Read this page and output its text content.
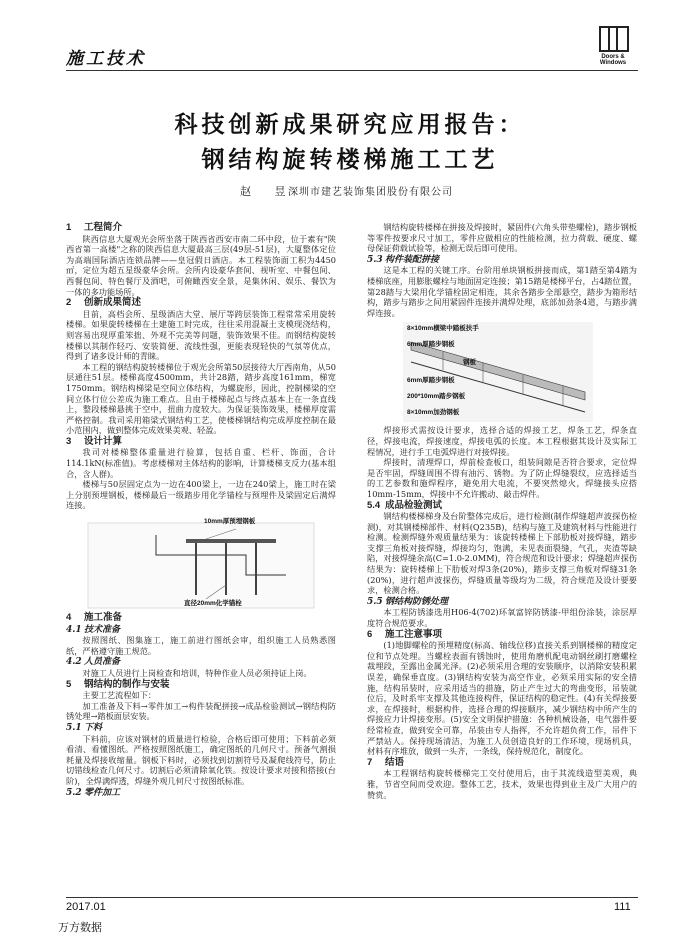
施工技术	Doors & Windows
科技创新成果研究应用报告：
钢结构旋转楼梯施工工艺
赵 昱
深圳市建艺装饰集团股份有限公司
1 工程简介

陕西信息大厦观光会所坐落于陕西省西安市南二环中段，位于素有"陕西省第一高楼"之称的陕西信息大厦最高三层(49层-51层)，大厦整体定位为高端国际酒店连锁品牌——皇冠假日酒店。本工程装饰面工积为4450㎡，定位为超五星级豪华会所。会所内设豪华套间、视听室、中餐包间、西餐包间、特色餐厅及酒吧，可俯瞰西安全景，是集休闲、娱乐、餐饮为一体的多功能场所。

2 创新成果简述

目前，高档会所、星级酒店大堂、展厅等跨层装饰工程常常采用旋转楼梯。如果旋转楼梯在土建施工时完成，往往采用混凝土支模现浇结构，则容易出现厚重笨拙、外观不完美等问题，装饰效果不佳。而钢结构旋转楼梯以其制作轻巧、安装简便、流线性强，更能表现轻快的气氛等优点，得到了诸多设计师的青睐。

本工程的钢结构旋转楼梯位于观光会所第50层接待大厅西南角，从50层通往51层。楼梯高度4500mm，共计28踏，踏步高度161mm，梯宽1750mm。钢结构梯梁是空间立体结构，为螺旋形，因此，控制梯梁的空间立体行位公差成为施工难点。且由于楼梯起点与终点基本上在一条直线上，整段楼梯悬挑于空中，扭曲力度较大。为保证装饰效果，楼梯厚度需严格控制。我司采用箱梁式钢结构工艺，使楼梯钢结构完成厚度控制在最小范围内，做到整体完成效果美观、轻盈。

3 设计计算

我司对楼梯整体重量进行验算，包括自重、栏杆、饰面，合计114.1kN(标准值)。考虑楼梯对主体结构的影响，计算楼梯支反力(基本组合，含人群)。

楼梯与50层固定点为一边在400梁上，一边在240梁上，施工时在梁上分别预埋钢板，楼梯最后一级踏步用化学锚栓与预埋件及梁固定后满焊连接。

10mm厚预埋钢板
直径20mm化学锚栓
4 施工准备
4.1 技术准备

按照图纸、图集施工，施工前进行图纸会审，组织施工人员熟悉图纸，严格遵守施工规范。

4.2 人员准备

对施工人员进行上岗检查和培训，特种作业人员必须持证上岗。

5 钢结构的制作与安装

主要工艺流程如下：

加工准备及下料→零件加工→构件装配拼接→成品检验测试→钢结构防锈处理→踏板面层安装。

5.1 下料

下料前，应该对钢材的质量进行检验，合格后即可使用；下料前必须看清、看懂图纸。严格按照图纸施工，确定图纸的几何尺寸。预备气割损耗量及焊接收缩量。钢板下料时，必须找到切割符号及凝爬线符号，防止切错线检查几何尺寸。切割后必须清除氧化铁。按设计要求对接和搭接(台阶)，全焊满焊透，焊缝外观几何尺寸按图纸标准。

5.2 零件加工

钢结构旋转楼梯在拼接及焊接时，紧固件(六角头带垫螺栓)，踏步钢板等零件按要求尺寸加工，零件应做相应的性能检测，拉力荷载、硬度、螺母保证荷载试验等，检测无误后即可使用。

5.3 构件装配拼接

这是本工程的关键工序。台阶用单块钢板拼接而成，第1踏至第4踏为楼梯底座，用膨胀螺栓与地面固定连接；第15踏是楼梯平台，占4踏位置，第28踏与大梁用化学锚栓固定相连，其余各踏步全部悬空，踏步为箱形结构，踏步与踏步之间用紧固件连接并满焊处理，底部加劲条4道，与踏步满焊连接。

8×10mm横梁中踏板扶手
6mm厚踏步钢板
钢板
6mm厚踏步钢板
200*10mm踏步钢板
8×10mm加劲钢板

焊接形式需按设计要求，选择合适的焊接工艺，焊条工艺，焊条直径，焊接电流，焊接速度，焊接电弧的长度。本工程根据其设计及实际工程情况，进行手工电弧焊进行对接焊接。

焊接时，清理焊口，焊前检查板口，组装间隙是否符合要求，定位焊是否牢固，焊缝周围不得有油污、锈物。为了防止焊缝裂纹，应选择适当的工艺参数和施焊程序，避免用大电流，不要突然熄火，焊缝接头应搭10mm-15mm，焊接中不允许搬动、敲击焊件。

5.4 成品检验测试

钢结构楼梯梯身及台阶整体完成后，进行检测(制作焊缝超声波探伤检测)，对其钢楼梯部件、材料(Q235B)，结构与施工及建筑材料与性能进行检测。检测焊缝外观质量结果为：该旋转楼梯上下部肋板对接焊缝，踏步支撑三角板对接焊缝，焊接均匀，饱满，未见表面裂缝，气孔，夹渣等缺陷，对接焊缝余高(C=1.0-2.0MM)，符合规范和设计要求；焊缝超声探伤结果为：旋转楼梯上下肋板对焊3条(20%)，踏步支撑三角板对焊缝31条(20%)，进行超声波探伤，焊缝质量等级均为二级，符合规范及设计要要求，检测合格。

5.5 钢结构防锈处理

本工程防锈漆选用H06-4(702)环氧富锌防锈漆-甲组份涂装，涂层厚度符合规范要求。

6 施工注意事项

(1)地脚螺栓的预埋精度(标高、轴线位移)直接关系到钢楼梯的精度定位和节点处理。当螺栓表面有锈蚀时，使用角磨机配电动钢丝刷打磨螺栓裁埋段，至露出金属光泽。(2)必须采用合理的安装顺序，以消除安装积累误差，确保垂直度。(3)钢结构安装为高空作业，必须采用实际的安全措施，结构吊装时，应采用适当的措施，防止产生过大的弯曲变形，吊装就位后，及时系牢支撑及其他连接构件，保证结构的稳定性。(4)有关焊接要求，在焊接时，根据构件，选择合理的焊接顺序，减少钢结构中所产生的焊接应力计焊接变形。(5)安全文明保护措施：各种机械设备，电气器件要经常检查，做到安全可靠，吊装由专人指挥，不允许超负荷工作，吊件下严禁站人。保持现场清洁，为施工人员创造良好的工作环境，现场机具，材料有序堆放，做到一头齐，一条线，保持规范化，制度化。

7 结语

本工程钢结构旋转楼梯完工交付使用后，由于其流线造型美观，典雅，节省空间而受欢迎。整体工艺，技术，效果也得到业主及广大用户的赞赏。

2017.01	111
万方数据
